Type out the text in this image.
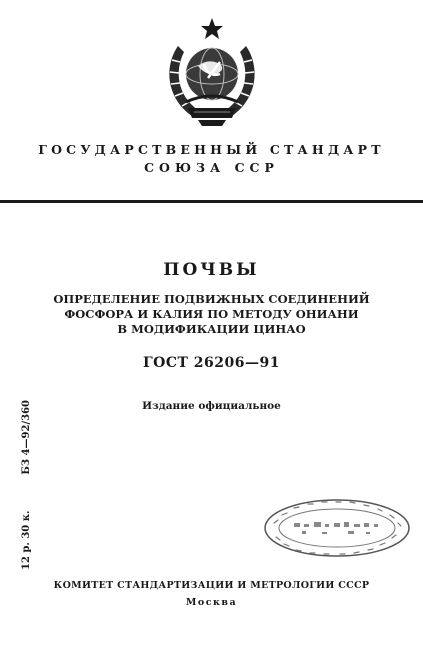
ГОСУДАРСТВЕННЫЙ СТАНДАРТ
СОЮЗА ССР
ПОЧВЫ
ОПРЕДЕЛЕНИЕ ПОДВИЖНЫХ СОЕДИНЕНИЙ
ФОСФОРА И КАЛИЯ ПО МЕТОДУ ОНИАНИ
В МОДИФИКАЦИИ ЦИНАО
ГОСТ 26206—91
Издание официальное
12 р. 30 к.
БЗ 4—92/360
КОМИТЕТ СТАНДАРТИЗАЦИИ И МЕТРОЛОГИИ СССР
Москва
